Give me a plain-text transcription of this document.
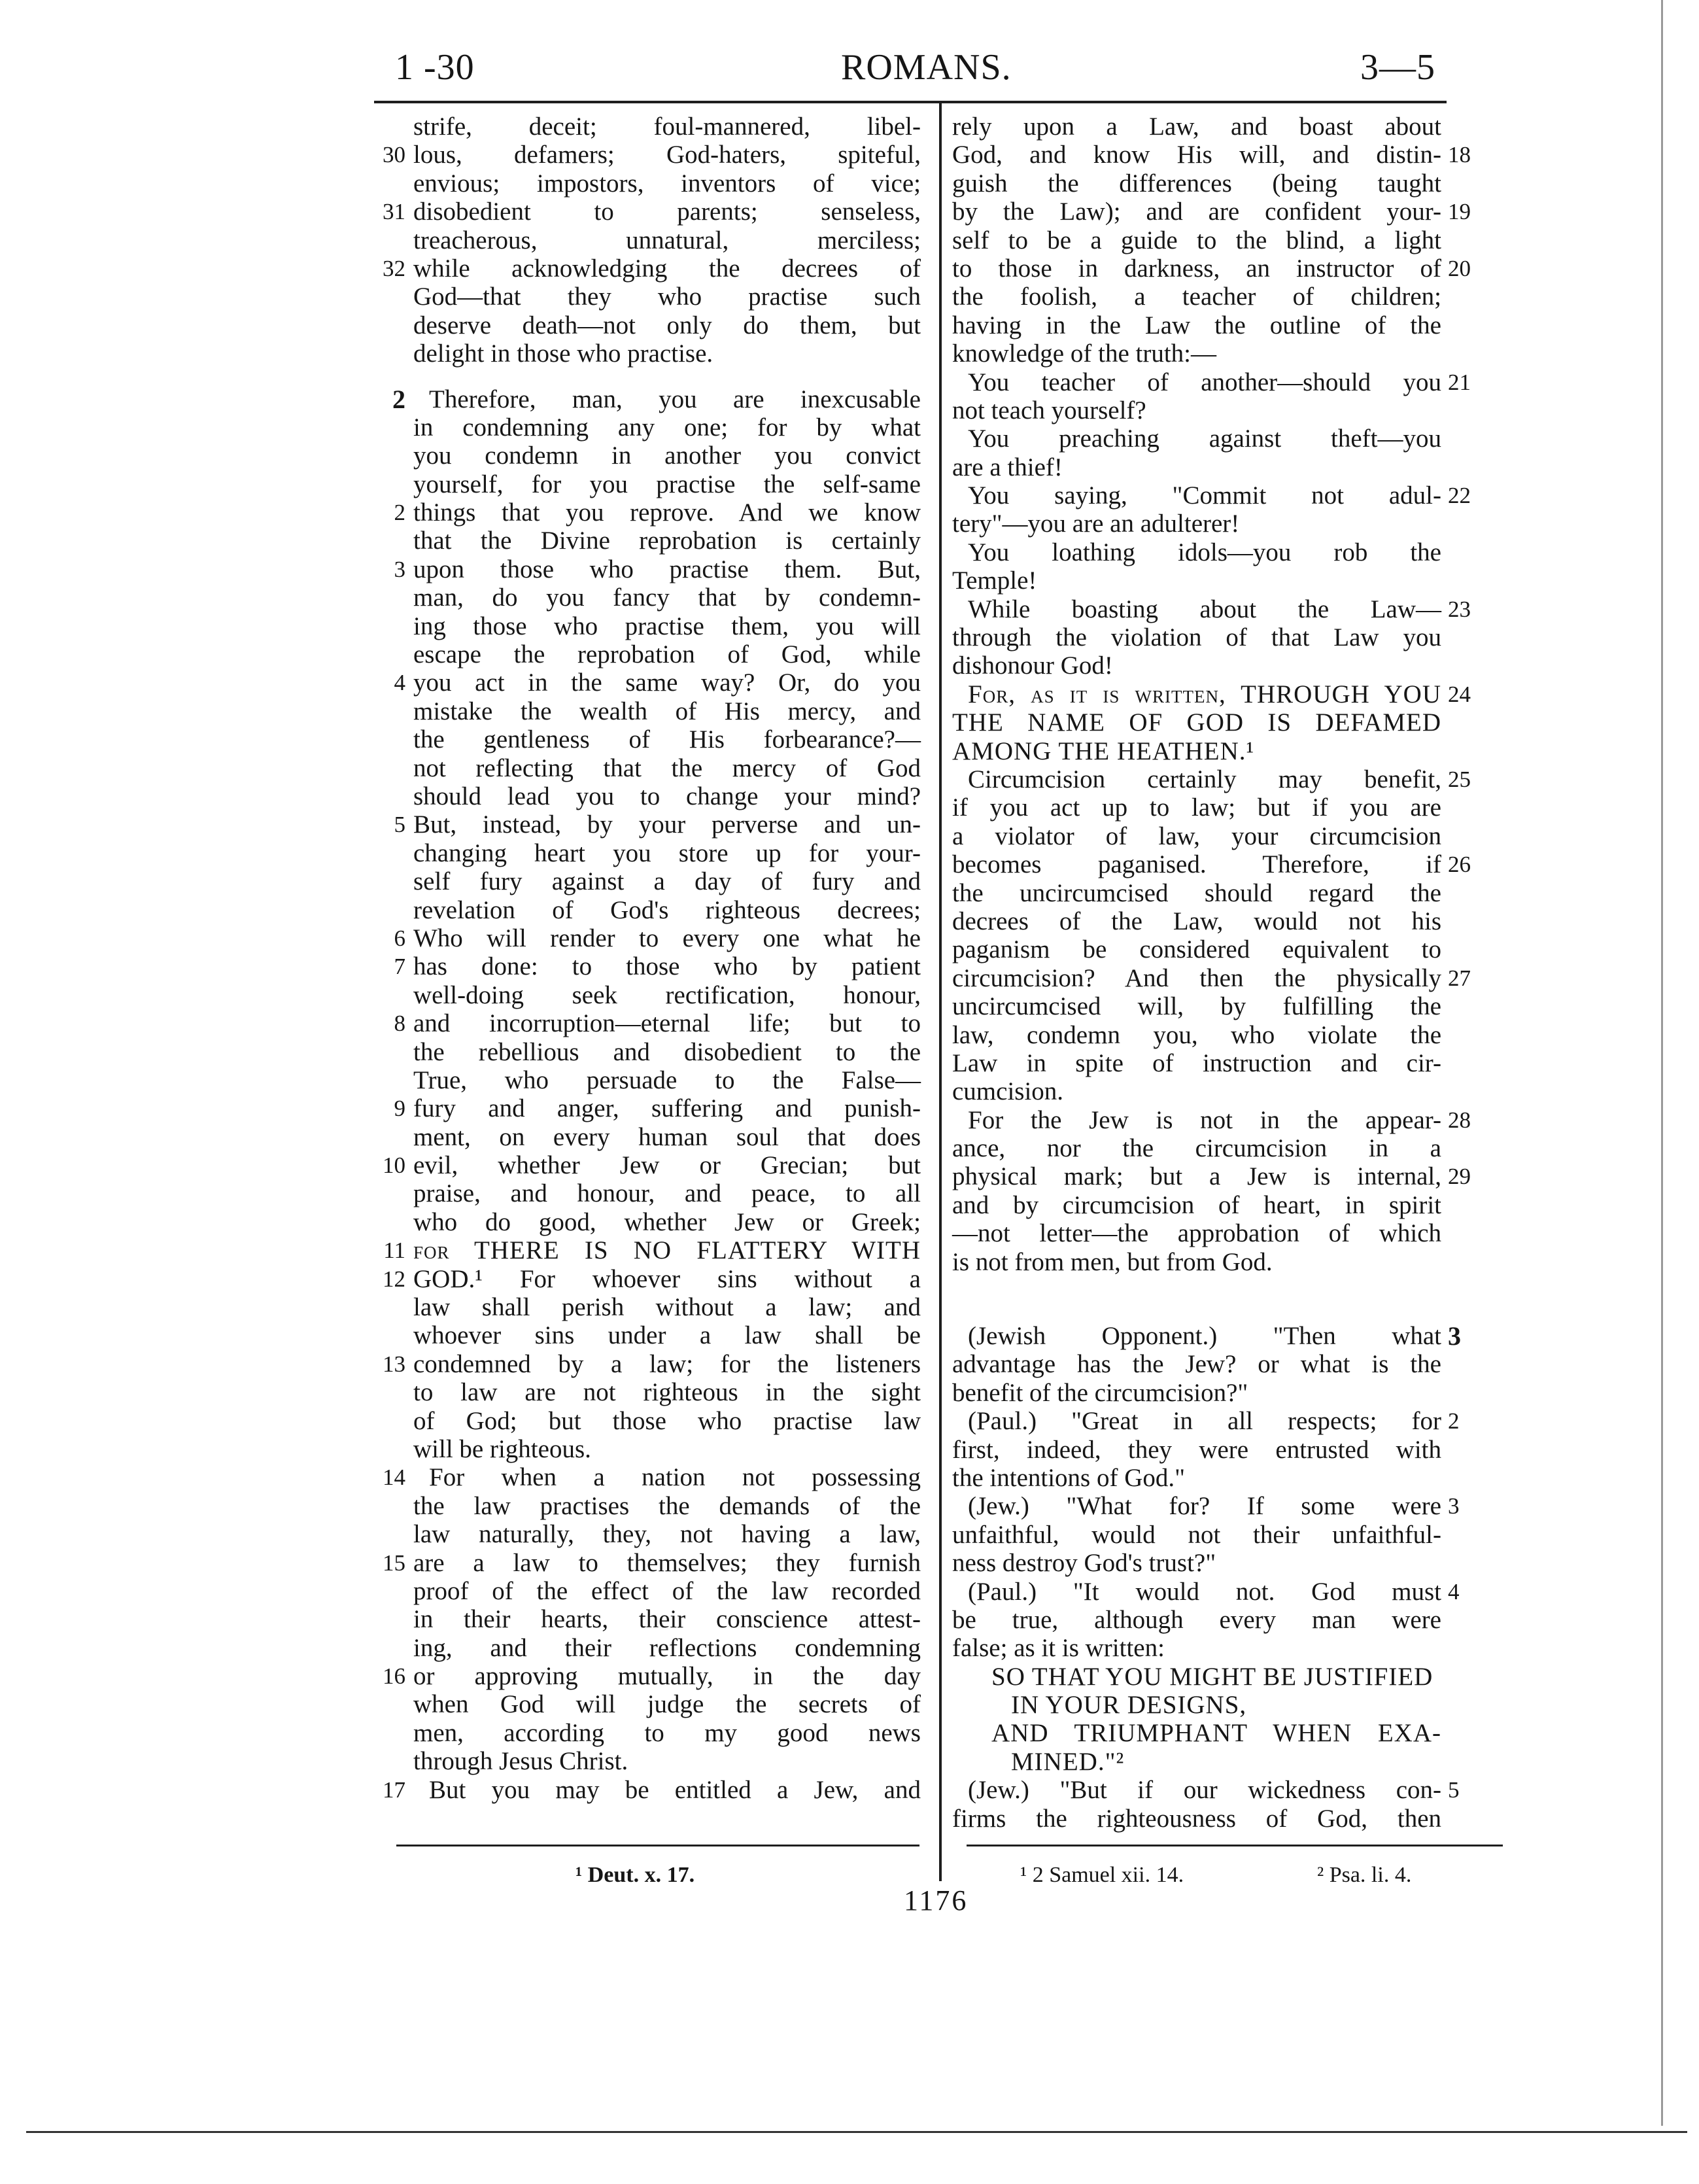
1 -30	ROMANS.	3—5
strife, deceit; foul-mannered, libel-
30 lous, defamers; God-haters, spiteful,
envious; impostors, inventors of vice;
31 disobedient to parents; senseless,
treacherous, unnatural, merciless;
32 while acknowledging the decrees of
God—that they who practise such
deserve death—not only do them, but
delight in those who practise.
2 Therefore, man, you are inexcusable
in condemning any one; for by what
you condemn in another you convict
yourself, for you practise the self-same
2 things that you reprove. And we know
that the Divine reprobation is certainly
3 upon those who practise them. But,
man, do you fancy that by condemn-
ing those who practise them, you will
escape the reprobation of God, while
4 you act in the same way? Or, do you
mistake the wealth of His mercy, and
the gentleness of His forbearance?—
not reflecting that the mercy of God
should lead you to change your mind?
5 But, instead, by your perverse and un-
changing heart you store up for your-
self fury against a day of fury and
revelation of God's righteous decrees;
6 Who will render to every one what he
7 has done: to those who by patient
well-doing seek rectification, honour,
8 and incorruption—eternal life; but to
the rebellious and disobedient to the
True, who persuade to the False—
9 fury and anger, suffering and punish-
ment, on every human soul that does
10 evil, whether Jew or Grecian; but
praise, and honour, and peace, to all
who do good, whether Jew or Greek;
11 for THERE IS NO FLATTERY WITH
12 GOD.¹ For whoever sins without a
law shall perish without a law; and
whoever sins under a law shall be
13 condemned by a law; for the listeners
to law are not righteous in the sight
of God; but those who practise law
will be righteous.
14 For when a nation not possessing
the law practises the demands of the
law naturally, they, not having a law,
15 are a law to themselves; they furnish
proof of the effect of the law recorded
in their hearts, their conscience attest-
ing, and their reflections condemning
16 or approving mutually, in the day
when God will judge the secrets of
men, according to my good news
through Jesus Christ.
17 But you may be entitled a Jew, and
rely upon a Law, and boast about
18
God, and know His will, and distin-
guish the differences (being taught
19
by the Law); and are confident your-
self to be a guide to the blind, a light
20
to those in darkness, an instructor of
the foolish, a teacher of children;
having in the Law the outline of the
knowledge of the truth:—
21
You teacher of another—should you
not teach yourself?
You preaching against theft—you
are a thief!
22
You saying, "Commit not adul-
tery"—you are an adulterer!
You loathing idols—you rob the
Temple!
23
While boasting about the Law—
through the violation of that Law you
dishonour God!
24
For, as it is written, THROUGH YOU
THE NAME OF GOD IS DEFAMED
AMONG THE HEATHEN.¹
25
Circumcision certainly may benefit,
if you act up to law; but if you are
a violator of law, your circumcision
26
becomes paganised. Therefore, if
the uncircumcised should regard the
decrees of the Law, would not his
paganism be considered equivalent to
27
circumcision? And then the physically
uncircumcised will, by fulfilling the
law, condemn you, who violate the
Law in spite of instruction and cir-
cumcision.
28
For the Jew is not in the appear-
ance, nor the circumcision in a
29
physical mark; but a Jew is internal,
and by circumcision of heart, in spirit
—not letter—the approbation of which
is not from men, but from God.
3
(Jewish Opponent.) "Then what
advantage has the Jew? or what is the
benefit of the circumcision?"
2
(Paul.) "Great in all respects; for
first, indeed, they were entrusted with
the intentions of God."
3
(Jew.) "What for? If some were
unfaithful, would not their unfaithful-
ness destroy God's trust?"
4
(Paul.) "It would not. God must
be true, although every man were
false; as it is written:
SO THAT YOU MIGHT BE JUSTIFIED
IN YOUR DESIGNS,
AND TRIUMPHANT WHEN EXA-
MINED."²
5
(Jew.) "But if our wickedness con-
firms the righteousness of God, then
¹ Deut. x. 17.	¹ 2 Samuel xii. 14.	² Psa. li. 4.
1176
